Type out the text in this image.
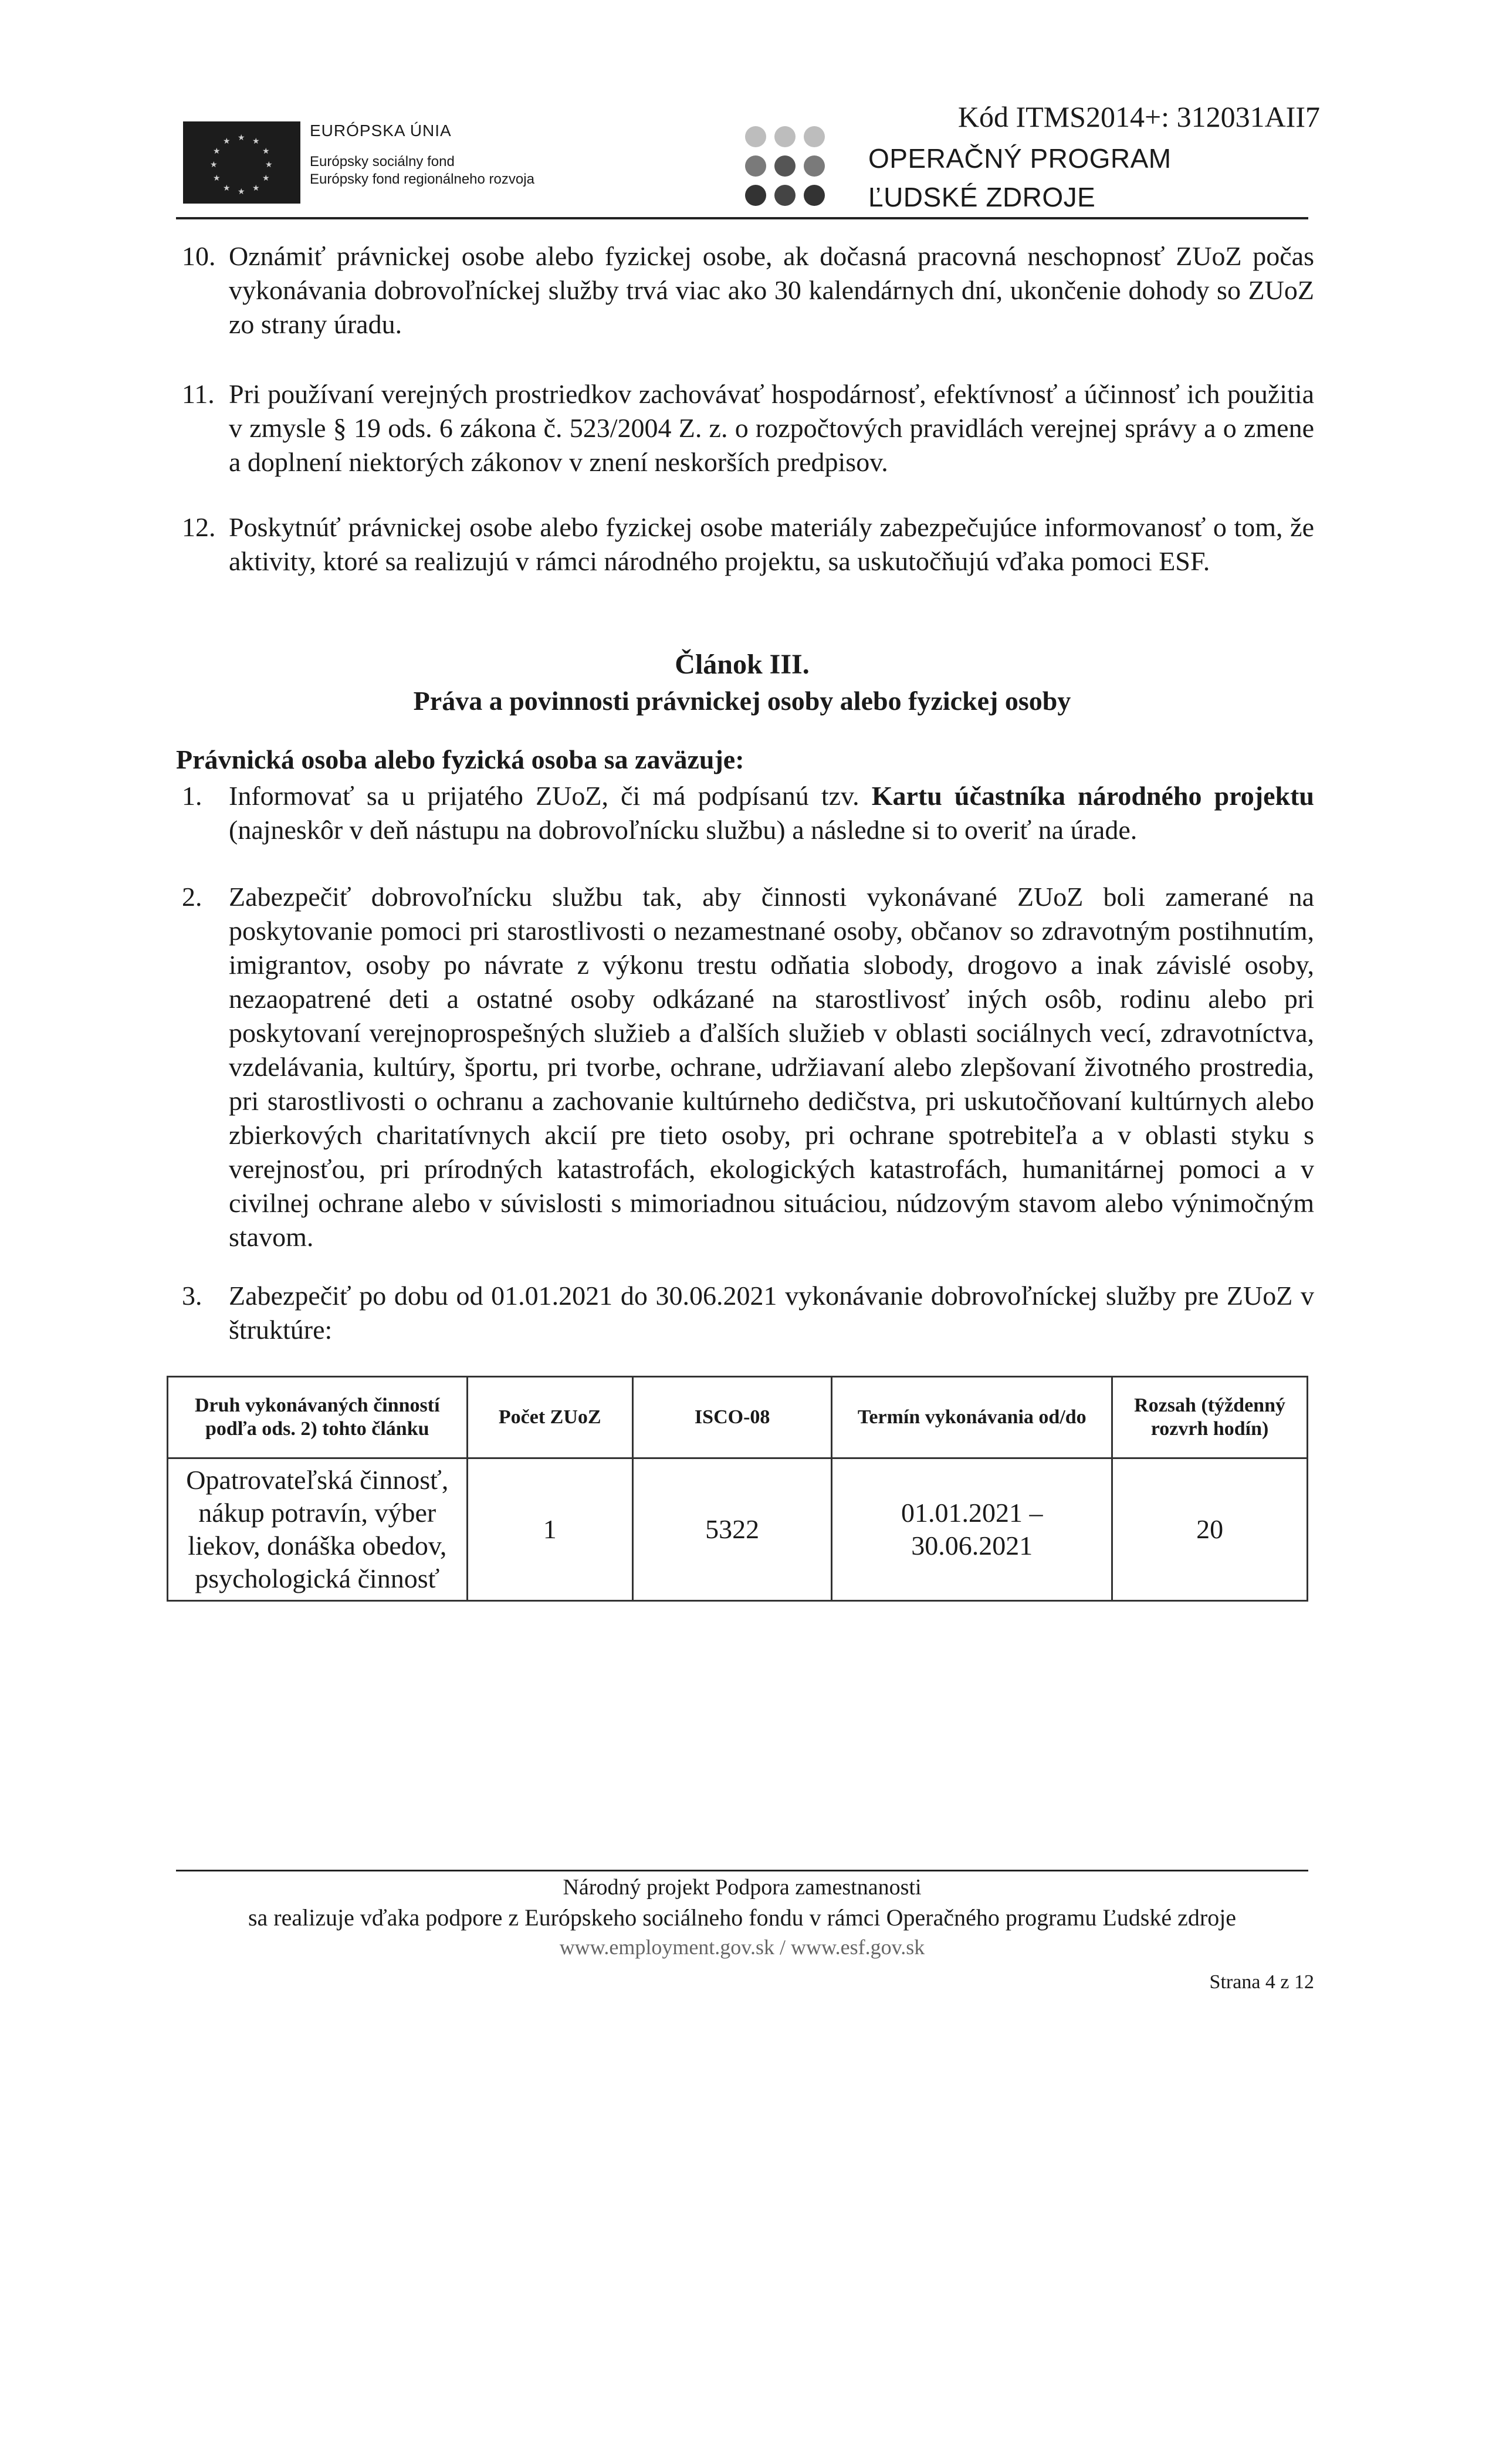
★ ★
★
★
★
★
★
★
★
★
★
★
EURÓPSKA ÚNIA
Európsky sociálny fond
Európsky fond regionálneho rozvoja
Kód ITMS2014+: 312031AII7
OPERAČNÝ PROGRAM
ĽUDSKÉ ZDROJE
10. Oznámiť právnickej osobe alebo fyzickej osobe, ak dočasná pracovná neschopnosť ZUoZ počas vykonávania dobrovoľníckej služby trvá viac ako 30 kalendárnych dní, ukončenie dohody so ZUoZ zo strany úradu.
11. Pri používaní verejných prostriedkov zachovávať hospodárnosť, efektívnosť a účinnosť ich použitia v zmysle § 19 ods. 6 zákona č. 523/2004 Z. z. o rozpočtových pravidlách verejnej správy a o zmene a doplnení niektorých zákonov v znení neskorších predpisov.
12. Poskytnúť právnickej osobe alebo fyzickej osobe materiály zabezpečujúce informovanosť o tom, že aktivity, ktoré sa realizujú v rámci národného projektu, sa uskutočňujú vďaka pomoci ESF.
Článok III.
Práva a povinnosti právnickej osoby alebo fyzickej osoby
Právnická osoba alebo fyzická osoba sa zaväzuje:
1. Informovať sa u prijatého ZUoZ, či má podpísanú tzv. Kartu účastníka národného projektu (najneskôr v deň nástupu na dobrovoľnícku službu) a následne si to overiť na úrade.
2. Zabezpečiť dobrovoľnícku službu tak, aby činnosti vykonávané ZUoZ boli zamerané na poskytovanie pomoci pri starostlivosti o nezamestnané osoby, občanov so zdravotným postihnutím, imigrantov, osoby po návrate z výkonu trestu odňatia slobody, drogovo a inak závislé osoby, nezaopatrené deti a ostatné osoby odkázané na starostlivosť iných osôb, rodinu alebo pri poskytovaní verejnoprospešných služieb a ďalších služieb v oblasti sociálnych vecí, zdravotníctva, vzdelávania, kultúry, športu, pri tvorbe, ochrane, udržiavaní alebo zlepšovaní životného prostredia, pri starostlivosti o ochranu a zachovanie kultúrneho dedičstva, pri uskutočňovaní kultúrnych alebo zbierkových charitatívnych akcií pre tieto osoby, pri ochrane spotrebiteľa a v oblasti styku s verejnosťou, pri prírodných katastrofách, ekologických katastrofách, humanitárnej pomoci a v civilnej ochrane alebo v súvislosti s mimoriadnou situáciou, núdzovým stavom alebo výnimočným stavom.
3. Zabezpečiť po dobu od 01.01.2021 do 30.06.2021 vykonávanie dobrovoľníckej služby pre ZUoZ v štruktúre:
Druh vykonávaných činností podľa ods. 2) tohto článku	Počet ZUoZ	ISCO-08	Termín vykonávania od/do	Rozsah (týždenný rozvrh hodín)
Opatrovateľská činnosť, nákup potravín, výber liekov, donáška obedov, psychologická činnosť	1	5322	01.01.2021 – 30.06.2021	20
Národný projekt Podpora zamestnanosti
sa realizuje vďaka podpore z Európskeho sociálneho fondu v rámci Operačného programu Ľudské zdroje
www.employment.gov.sk / www.esf.gov.sk
Strana 4 z 12
